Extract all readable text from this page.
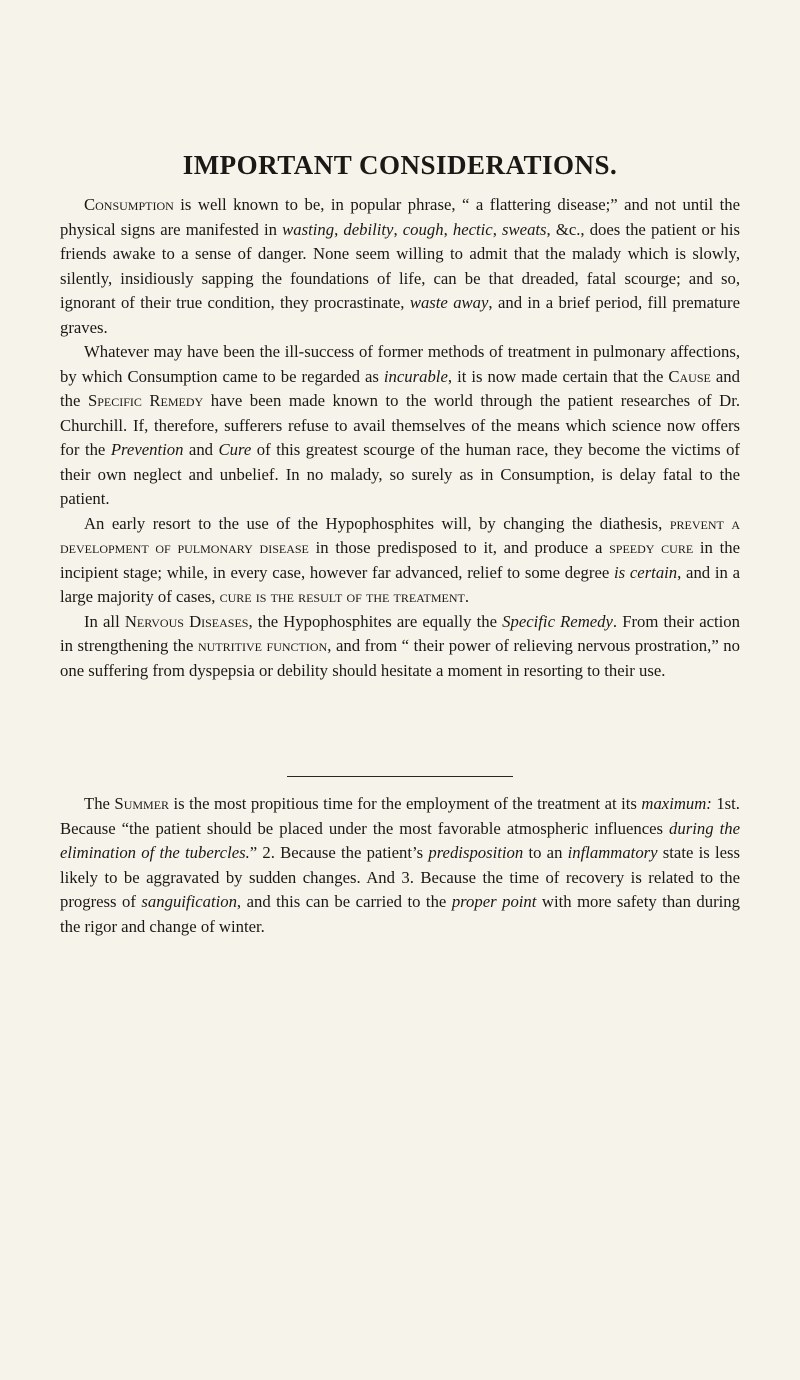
IMPORTANT CONSIDERATIONS.

Consumption is well known to be, in popular phrase, “ a flattering disease;” and not until the physical signs are manifested in wasting, debility, cough, hectic, sweats, &c., does the patient or his friends awake to a sense of danger. None seem willing to admit that the malady which is slowly, silently, insidiously sapping the foundations of life, can be that dreaded, fatal scourge; and so, ignorant of their true condition, they procrastinate, waste away, and in a brief period, fill premature graves.

Whatever may have been the ill-success of former methods of treatment in pulmonary affections, by which Consumption came to be regarded as incurable, it is now made certain that the Cause and the Specific Remedy have been made known to the world through the patient researches of Dr. Churchill. If, therefore, sufferers refuse to avail themselves of the means which science now offers for the Prevention and Cure of this greatest scourge of the human race, they become the victims of their own neglect and unbelief. In no malady, so surely as in Consumption, is delay fatal to the patient.

An early resort to the use of the Hypophosphites will, by changing the diathesis, prevent a development of pulmonary disease in those predisposed to it, and produce a speedy cure in the incipient stage; while, in every case, however far advanced, relief to some degree is certain, and in a large majority of cases, cure is the result of the treatment.

In all Nervous Diseases, the Hypophosphites are equally the Specific Remedy. From their action in strengthening the nutritive function, and from “ their power of relieving nervous prostration,” no one suffering from dyspepsia or debility should hesitate a moment in resorting to their use.

The Summer is the most propitious time for the employment of the treatment at its maximum: 1st. Because “the patient should be placed under the most favorable atmospheric influences during the elimination of the tubercles.” 2. Because the patient’s predisposition to an inflammatory state is less likely to be aggravated by sudden changes. And 3. Because the time of recovery is related to the progress of sanguification, and this can be carried to the proper point with more safety than during the rigor and change of winter.
